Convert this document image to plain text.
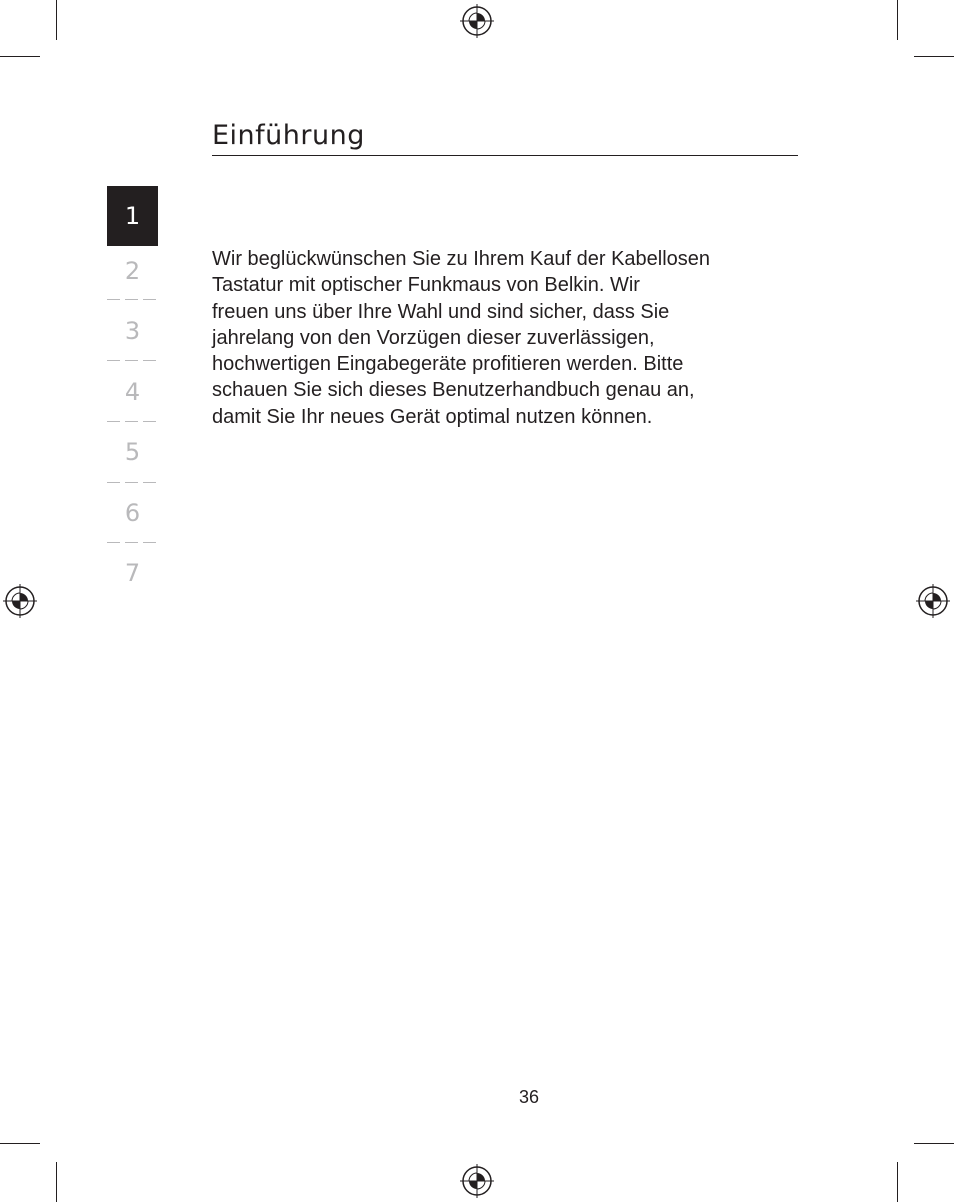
Einführung
1
2
3
4
5
6
7
Wir beglückwünschen Sie zu Ihrem Kauf der Kabellosen
Tastatur mit optischer Funkmaus von Belkin. Wir
freuen uns über Ihre Wahl und sind sicher, dass Sie
jahrelang von den Vorzügen dieser zuverlässigen,
hochwertigen Eingabegeräte profitieren werden. Bitte
schauen Sie sich dieses Benutzerhandbuch genau an,
damit Sie Ihr neues Gerät optimal nutzen können.
36
